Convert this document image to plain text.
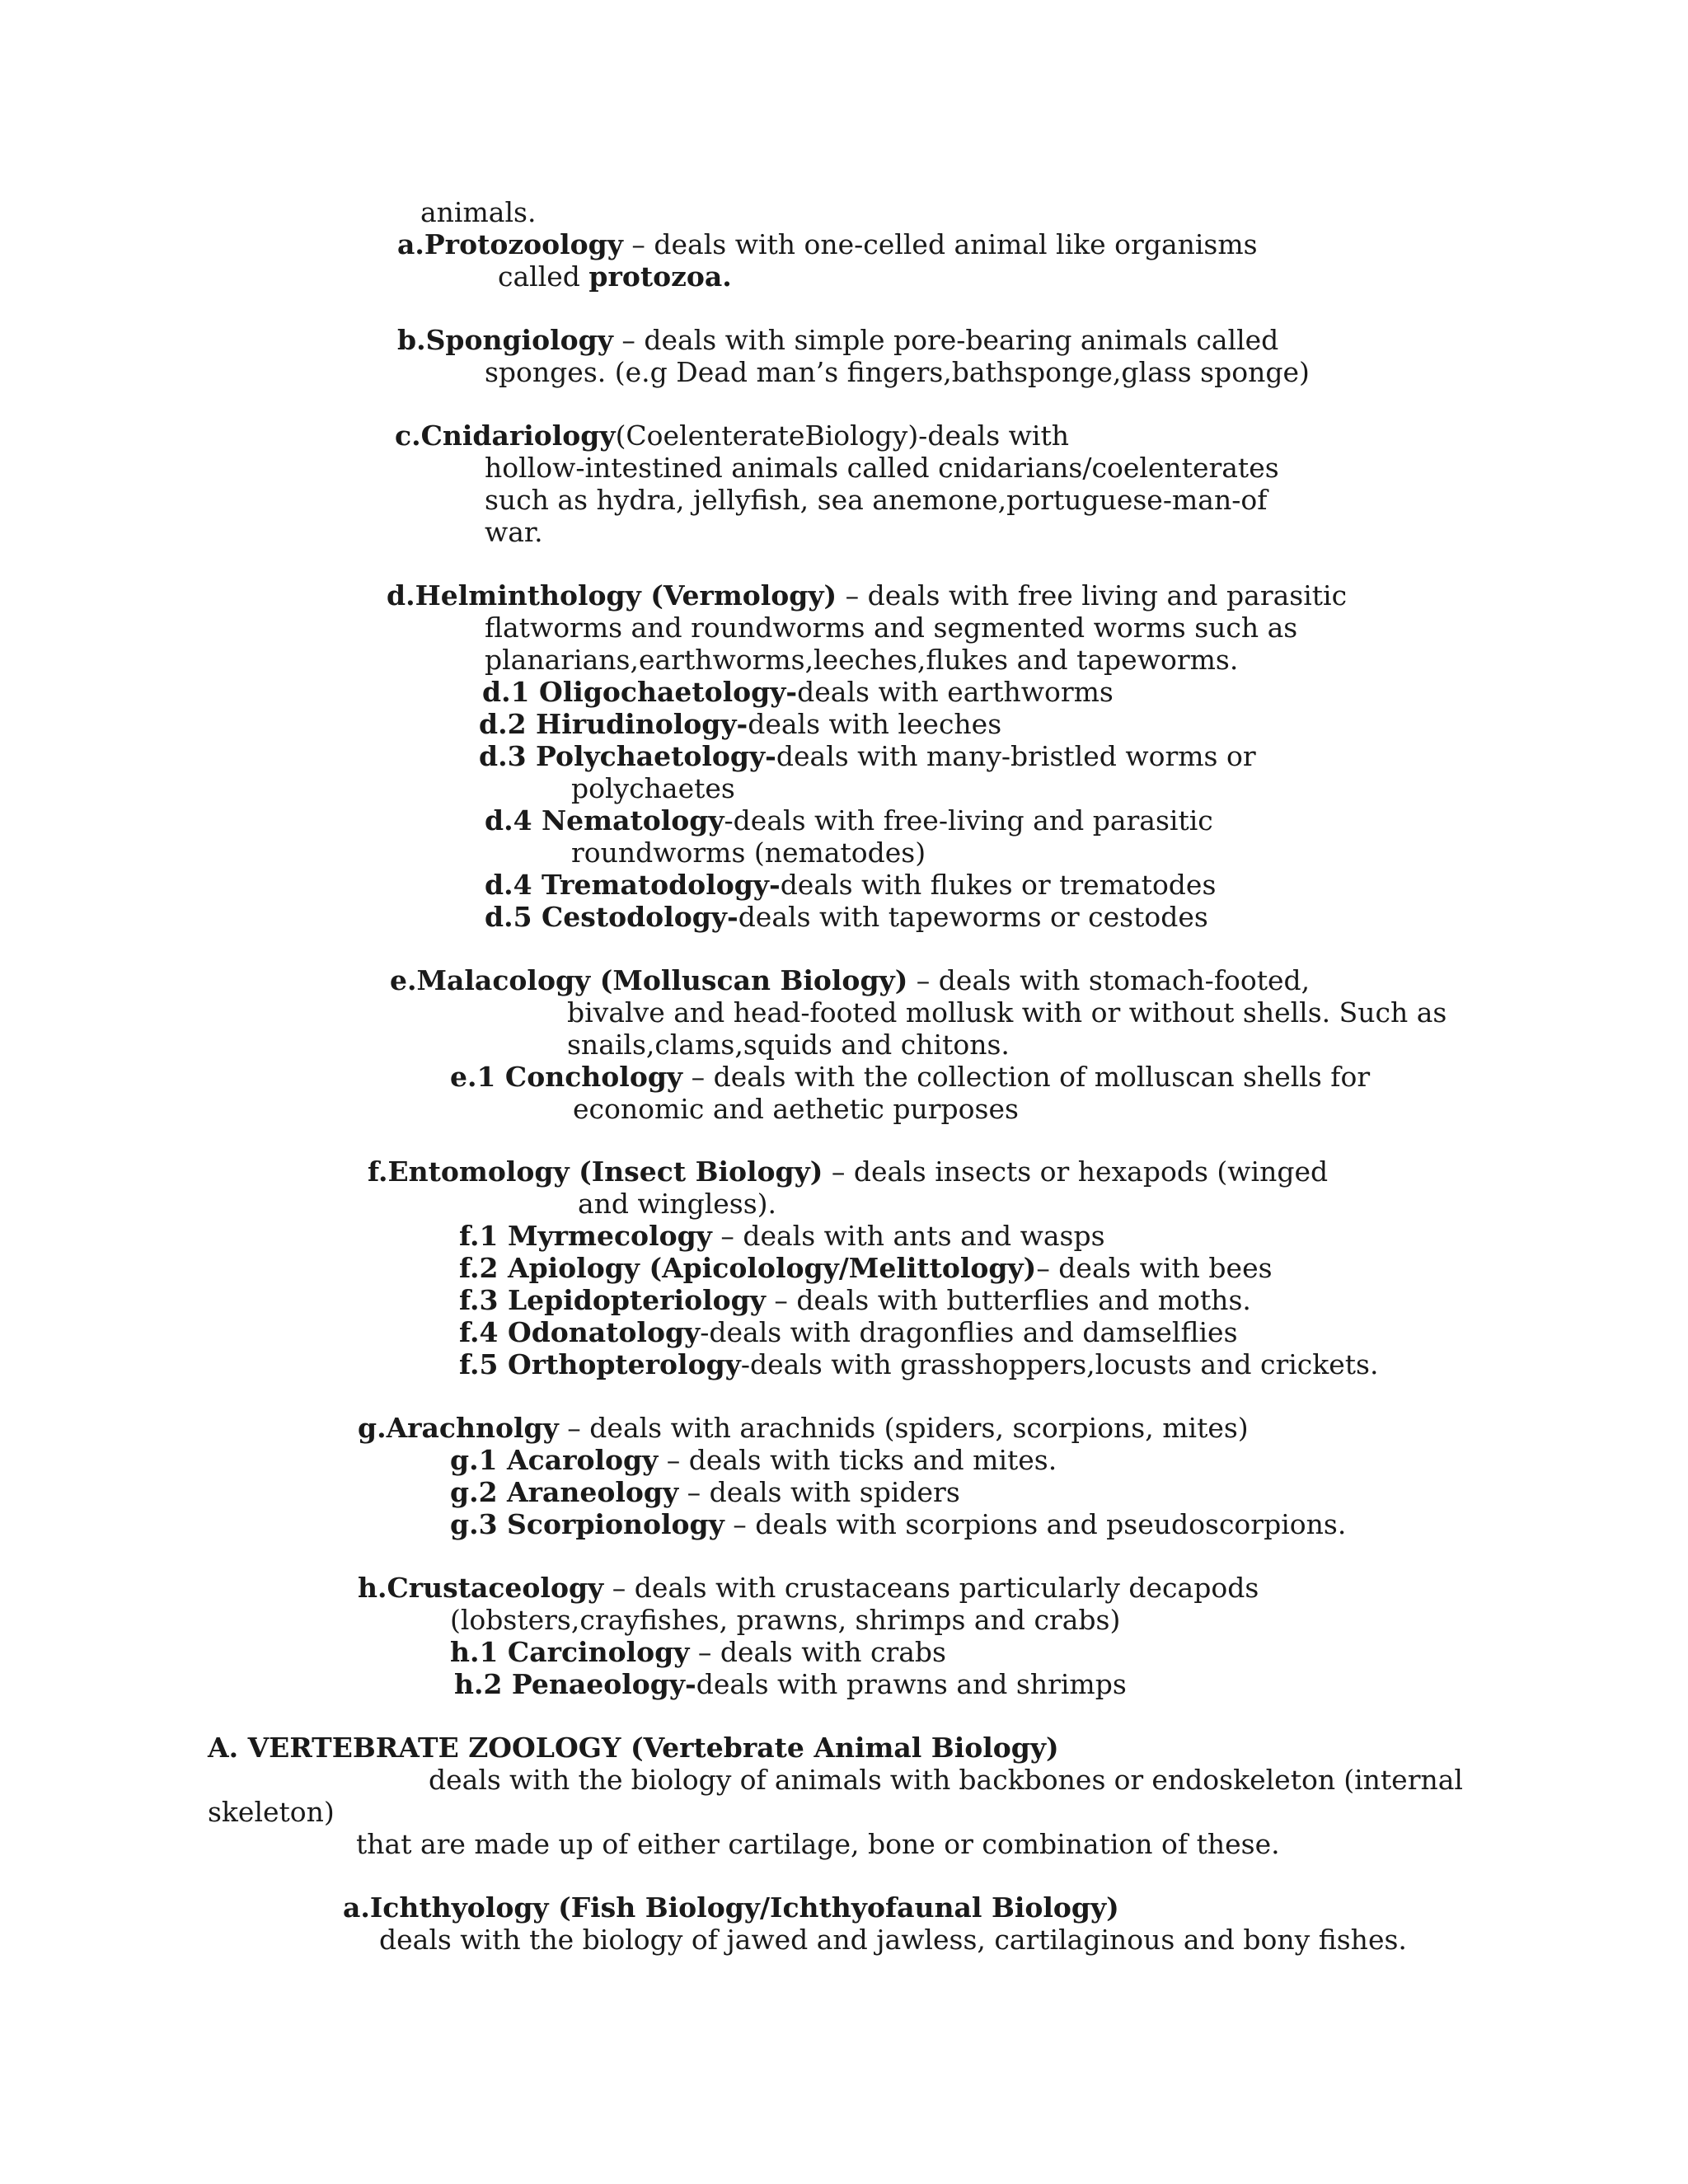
animals.
a.Protozoology – deals with one-celled animal like organisms
called protozoa.
b.Spongiology – deals with simple pore-bearing animals called
sponges. (e.g Dead man’s fingers,bathsponge,glass sponge)
c.Cnidariology(CoelenterateBiology)-deals with
hollow-intestined animals called cnidarians/coelenterates
such as hydra, jellyfish, sea anemone,portuguese-man-of
war.
d.Helminthology (Vermology) – deals with free living and parasitic
flatworms and roundworms and segmented worms such as
planarians,earthworms,leeches,flukes and tapeworms.
d.1 Oligochaetology-deals with earthworms
d.2 Hirudinology-deals with leeches
d.3 Polychaetology-deals with many-bristled worms or
polychaetes
d.4 Nematology-deals with free-living and parasitic
roundworms (nematodes)
d.4 Trematodology-deals with flukes or trematodes
d.5 Cestodology-deals with tapeworms or cestodes
e.Malacology (Molluscan Biology) – deals with stomach-footed,
bivalve and head-footed mollusk with or without shells. Such as
snails,clams,squids and chitons.
e.1 Conchology – deals with the collection of molluscan shells for
economic and aethetic purposes
f.Entomology (Insect Biology) – deals insects or hexapods (winged
and wingless).
f.1 Myrmecology – deals with ants and wasps
f.2 Apiology (Apicolology/Melittology)– deals with bees
f.3 Lepidopteriology – deals with butterflies and moths.
f.4 Odonatology-deals with dragonflies and damselflies
f.5 Orthopterology-deals with grasshoppers,locusts and crickets.
g.Arachnolgy – deals with arachnids (spiders, scorpions, mites)
g.1 Acarology – deals with ticks and mites.
g.2 Araneology – deals with spiders
g.3 Scorpionology – deals with scorpions and pseudoscorpions.
h.Crustaceology – deals with crustaceans particularly decapods
(lobsters,crayfishes, prawns, shrimps and crabs)
h.1 Carcinology – deals with crabs
h.2 Penaeology-deals with prawns and shrimps
A. VERTEBRATE ZOOLOGY (Vertebrate Animal Biology)
deals with the biology of animals with backbones or endoskeleton (internal
skeleton)
that are made up of either cartilage, bone or combination of these.
a.Ichthyology (Fish Biology/Ichthyofaunal Biology)
deals with the biology of jawed and jawless, cartilaginous and bony fishes.
